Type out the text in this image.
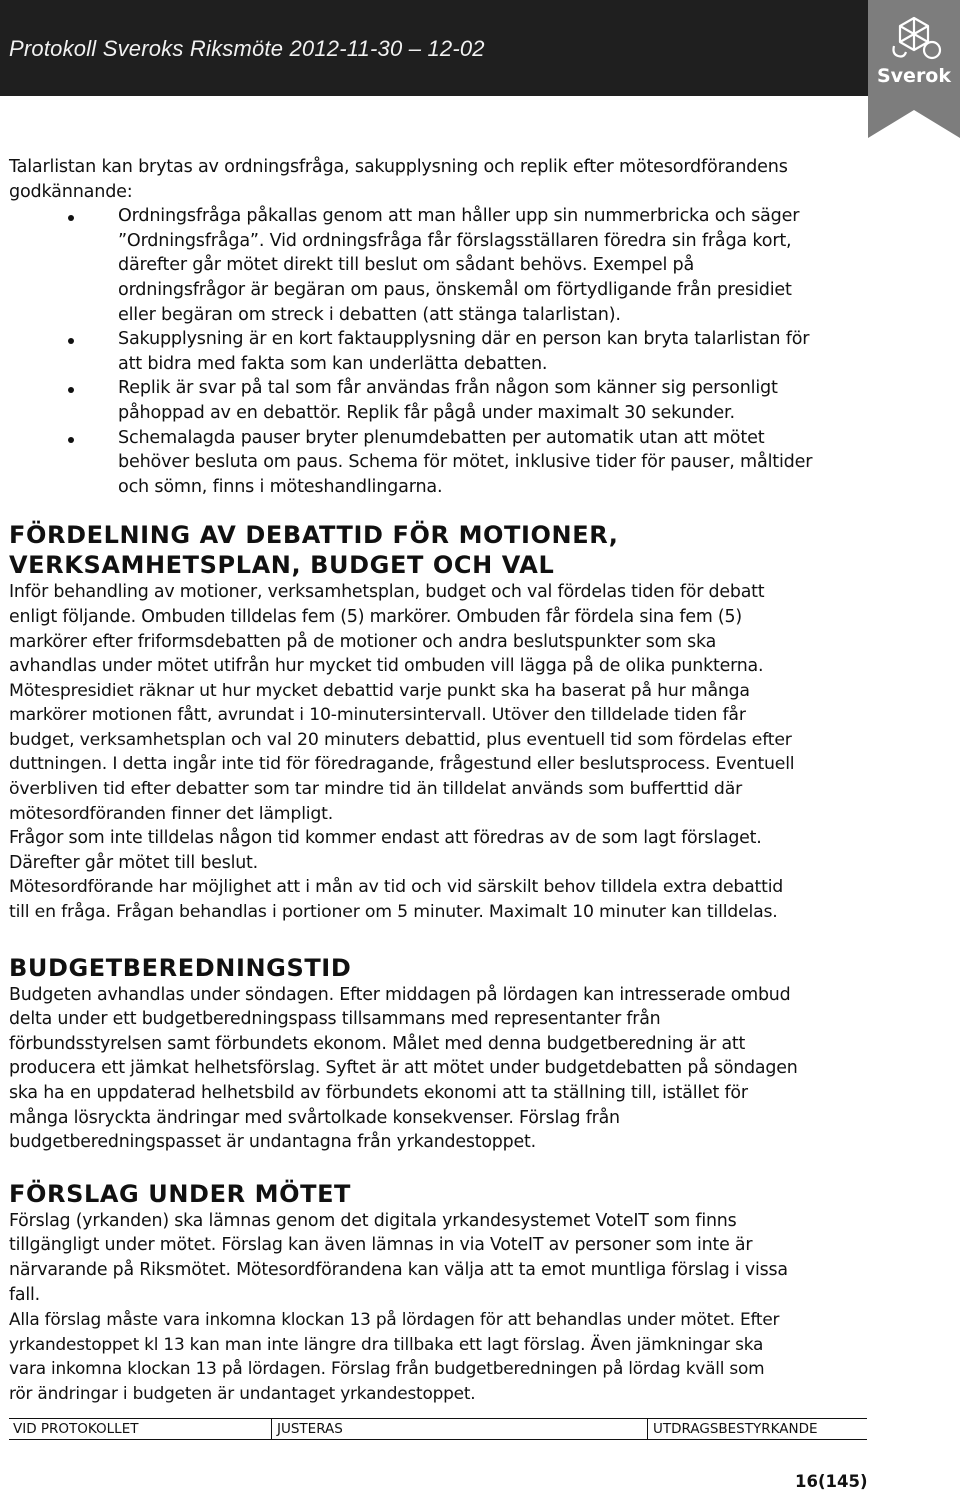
Protokoll Sveroks Riksmöte 2012-11-30 – 12-02
Sverok

Talarlistan kan brytas av ordningsfråga, sakupplysning och replik efter mötesordförandens godkännande:

Ordningsfråga påkallas genom att man håller upp sin nummerbricka och säger
”Ordningsfråga”. Vid ordningsfråga får förslagsställaren föredra sin fråga kort,
därefter går mötet direkt till beslut om sådant behövs. Exempel på
ordningsfrågor är begäran om paus, önskemål om förtydligande från presidiet
eller begäran om streck i debatten (att stänga talarlistan).
Sakupplysning är en kort faktaupplysning där en person kan bryta talarlistan för
att bidra med fakta som kan underlätta debatten.
Replik är svar på tal som får användas från någon som känner sig personligt
påhoppad av en debattör. Replik får pågå under maximalt 30 sekunder.
Schemalagda pauser bryter plenumdebatten per automatik utan att mötet
behöver besluta om paus. Schema för mötet, inklusive tider för pauser, måltider
och sömn, finns i möteshandlingarna.
FÖRDELNING AV DEBATTID FÖR MOTIONER,
VERKSAMHETSPLAN, BUDGET OCH VAL

Inför behandling av motioner, verksamhetsplan, budget och val fördelas tiden för debatt
enligt följande. Ombuden tilldelas fem (5) markörer. Ombuden får fördela sina fem (5)
markörer efter friformsdebatten på de motioner och andra beslutspunkter som ska
avhandlas under mötet utifrån hur mycket tid ombuden vill lägga på de olika punkterna.

Mötespresidiet räknar ut hur mycket debattid varje punkt ska ha baserat på hur många
markörer motionen fått, avrundat i 10-minutersintervall. Utöver den tilldelade tiden får
budget, verksamhetsplan och val 20 minuters debattid, plus eventuell tid som fördelas efter
duttningen. I detta ingår inte tid för föredragande, frågestund eller beslutsprocess. Eventuell
överbliven tid efter debatter som tar mindre tid än tilldelat används som bufferttid där
mötesordföranden finner det lämpligt.

Frågor som inte tilldelas någon tid kommer endast att föredras av de som lagt förslaget.
Därefter går mötet till beslut.

Mötesordförande har möjlighet att i mån av tid och vid särskilt behov tilldela extra debattid
till en fråga. Frågan behandlas i portioner om 5 minuter. Maximalt 10 minuter kan tilldelas.

BUDGETBEREDNINGSTID

Budgeten avhandlas under söndagen. Efter middagen på lördagen kan intresserade ombud
delta under ett budgetberedningspass tillsammans med representanter från
förbundsstyrelsen samt förbundets ekonom. Målet med denna budgetberedning är att
producera ett jämkat helhetsförslag. Syftet är att mötet under budgetdebatten på söndagen
ska ha en uppdaterad helhetsbild av förbundets ekonomi att ta ställning till, istället för
många lösryckta ändringar med svårtolkade konsekvenser. Förslag från
budgetberedningspasset är undantagna från yrkandestoppet.

FÖRSLAG UNDER MÖTET

Förslag (yrkanden) ska lämnas genom det digitala yrkandesystemet VoteIT som finns
tillgängligt under mötet. Förslag kan även lämnas in via VoteIT av personer som inte är
närvarande på Riksmötet. Mötesordförandena kan välja att ta emot muntliga förslag i vissa
fall.

Alla förslag måste vara inkomna klockan 13 på lördagen för att behandlas under mötet. Efter
yrkandestoppet kl 13 kan man inte längre dra tillbaka ett lagt förslag. Även jämkningar ska
vara inkomna klockan 13 på lördagen. Förslag från budgetberedningen på lördag kväll som
rör ändringar i budgeten är undantaget yrkandestoppet.

VID PROTOKOLLET	JUSTERAS	UTDRAGSBESTYRKANDE
16(145)
